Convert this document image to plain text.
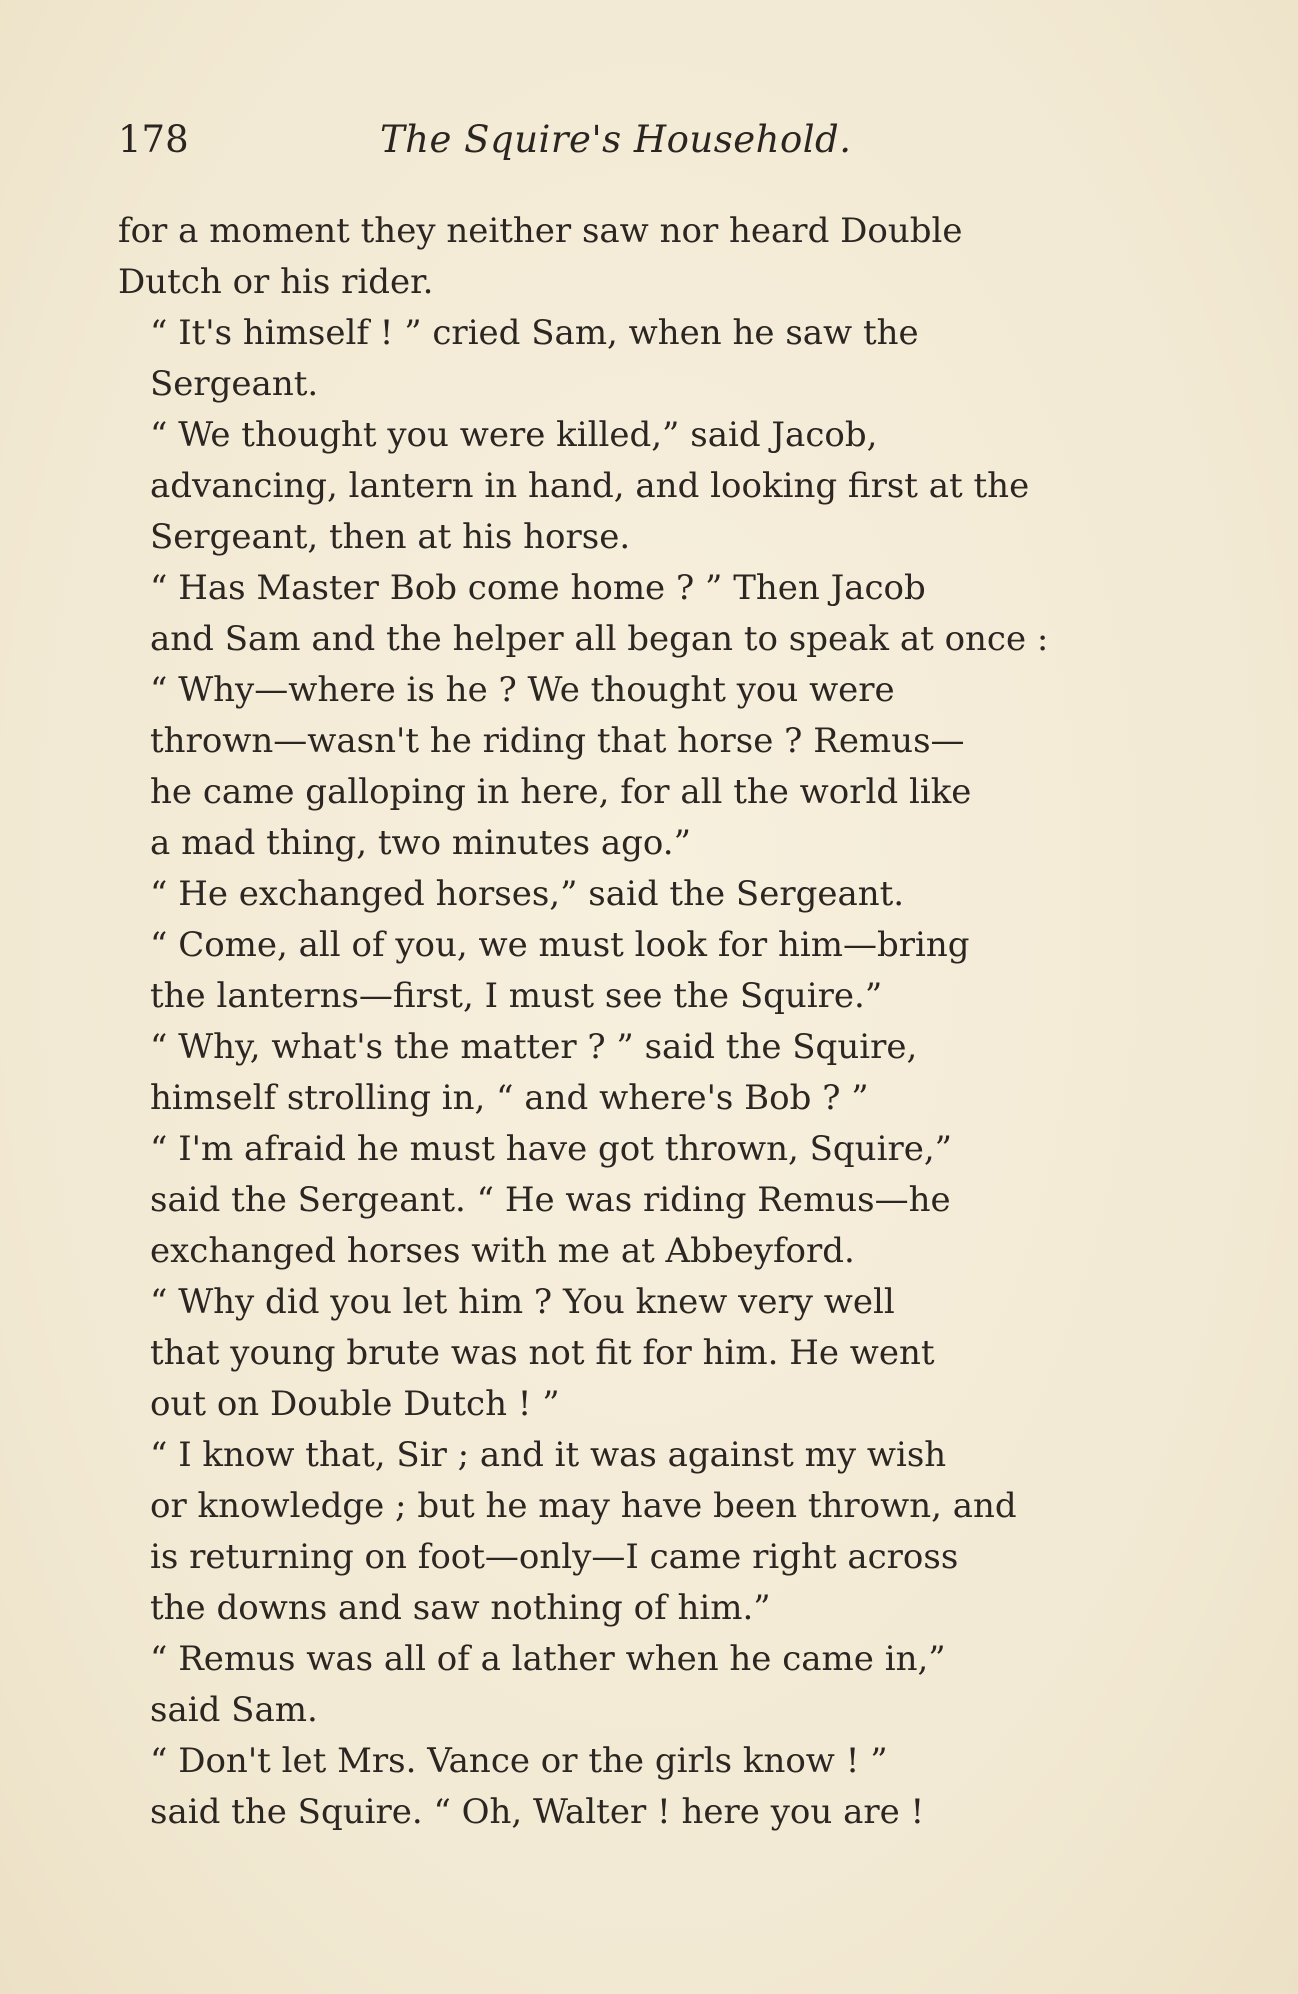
178	The Squire's Household.

for a moment they neither saw nor heard Double
Dutch or his rider.

“ It's himself ! ” cried Sam, when he saw the
Sergeant.

“ We thought you were killed,” said Jacob,
advancing, lantern in hand, and looking first at the
Sergeant, then at his horse.

“ Has Master Bob come home ? ” Then Jacob
and Sam and the helper all began to speak at once :

“ Why—where is he ? We thought you were
thrown—wasn't he riding that horse ? Remus—
he came galloping in here, for all the world like
a mad thing, two minutes ago.”

“ He exchanged horses,” said the Sergeant.
“ Come, all of you, we must look for him—bring
the lanterns—first, I must see the Squire.”

“ Why, what's the matter ? ” said the Squire,
himself strolling in, “ and where's Bob ? ”

“ I'm afraid he must have got thrown, Squire,”
said the Sergeant. “ He was riding Remus—he
exchanged horses with me at Abbeyford.

“ Why did you let him ? You knew very well
that young brute was not fit for him. He went
out on Double Dutch ! ”

“ I know that, Sir ; and it was against my wish
or knowledge ; but he may have been thrown, and
is returning on foot—only—I came right across
the downs and saw nothing of him.”

“ Remus was all of a lather when he came in,”
said Sam.

“ Don't let Mrs. Vance or the girls know ! ”
said the Squire. “ Oh, Walter ! here you are !
